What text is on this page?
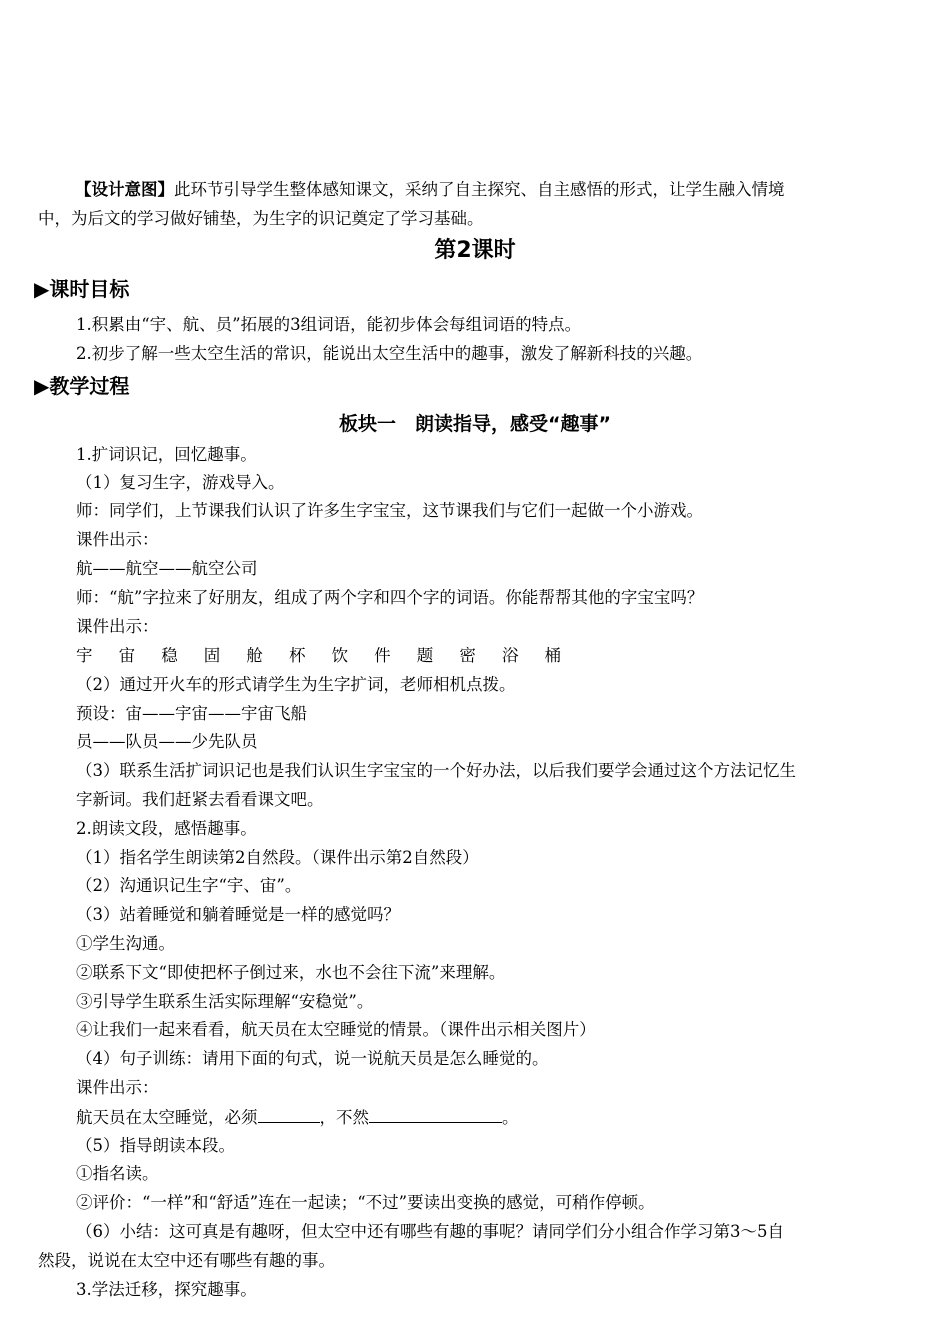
【设计意图】此环节引导学生整体感知课文，采纳了自主探究、自主感悟的形式，让学生融入情境
中，为后文的学习做好铺垫，为生字的识记奠定了学习基础。
第2课时
▶课时目标
1.积累由“宇、航、员”拓展的3组词语，能初步体会每组词语的特点。
2.初步了解一些太空生活的常识，能说出太空生活中的趣事，激发了解新科技的兴趣。
▶教学过程
板块一　朗读指导，感受“趣事”
1.扩词识记，回忆趣事。
（1）复习生字，游戏导入。
师：同学们，上节课我们认识了许多生字宝宝，这节课我们与它们一起做一个小游戏。
课件出示：
航——航空——航空公司
师：“航”字拉来了好朋友，组成了两个字和四个字的词语。你能帮帮其他的字宝宝吗？
课件出示：
宇 宙 稳 固 舱 杯 饮 件 题 密 浴 桶
（2）通过开火车的形式请学生为生字扩词，老师相机点拨。
预设：宙——宇宙——宇宙飞船
员——队员——少先队员
（3）联系生活扩词识记也是我们认识生字宝宝的一个好办法，以后我们要学会通过这个方法记忆生
字新词。我们赶紧去看看课文吧。
2.朗读文段，感悟趣事。
（1）指名学生朗读第2自然段。（课件出示第2自然段）
（2）沟通识记生字“宇、宙”。
（3）站着睡觉和躺着睡觉是一样的感觉吗？
①学生沟通。
②联系下文“即使把杯子倒过来，水也不会往下流”来理解。
③引导学生联系生活实际理解“安稳觉”。
④让我们一起来看看，航天员在太空睡觉的情景。（课件出示相关图片）
（4）句子训练：请用下面的句式，说一说航天员是怎么睡觉的。
课件出示：
航天员在太空睡觉，必须	，不然	。
（5）指导朗读本段。
①指名读。
②评价：“一样”和“舒适”连在一起读；“不过”要读出变换的感觉，可稍作停顿。
（6）小结：这可真是有趣呀，但太空中还有哪些有趣的事呢？请同学们分小组合作学习第3～5自
然段，说说在太空中还有哪些有趣的事。
3.学法迁移，探究趣事。
